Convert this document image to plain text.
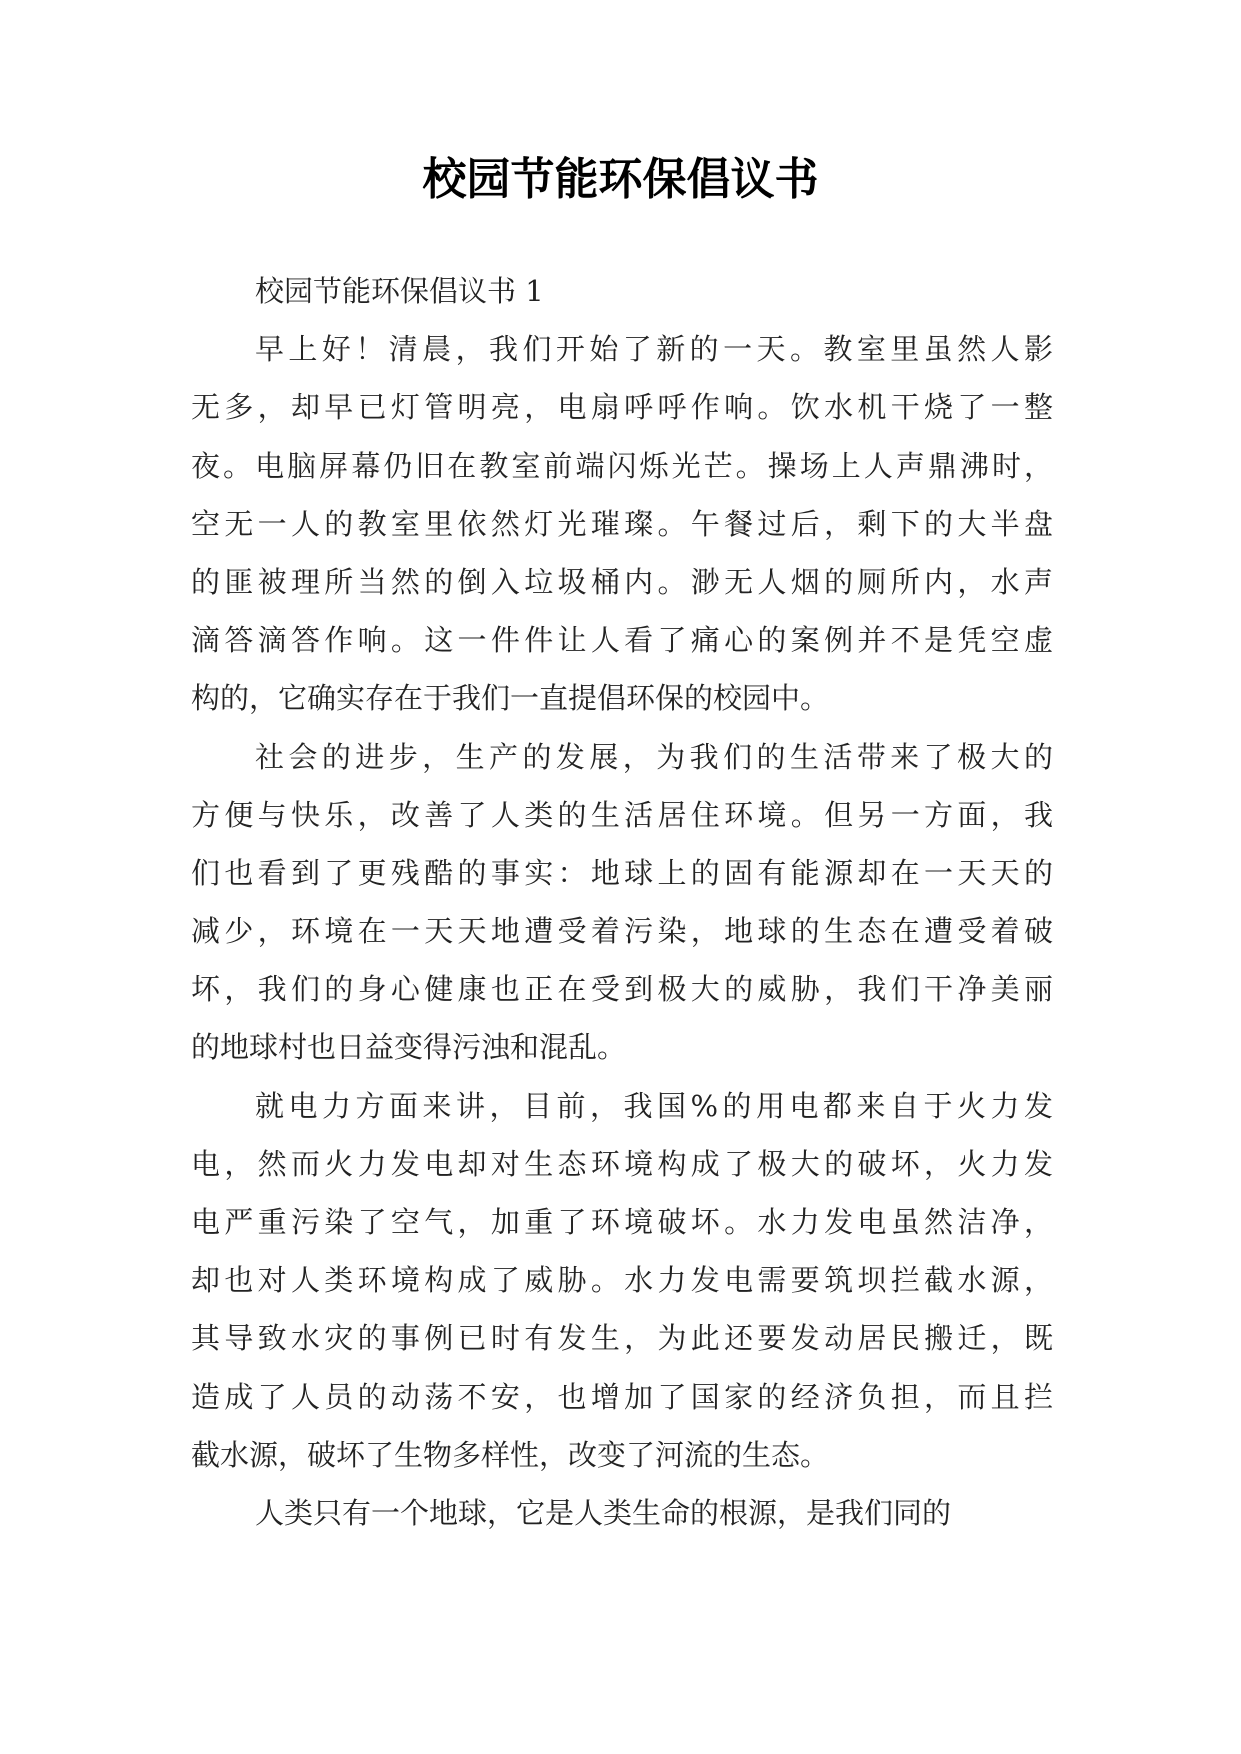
校园节能环保倡议书
校园节能环保倡议书 1
早上好！清晨，我们开始了新的一天。教室里虽然人影
无多，却早已灯管明亮，电扇呼呼作响。饮水机干烧了一整
夜。电脑屏幕仍旧在教室前端闪烁光芒。操场上人声鼎沸时，
空无一人的教室里依然灯光璀璨。午餐过后，剩下的大半盘
的匪被理所当然的倒入垃圾桶内。渺无人烟的厕所内，水声
滴答滴答作响。这一件件让人看了痛心的案例并不是凭空虚
构的，它确实存在于我们一直提倡环保的校园中。
社会的进步，生产的发展，为我们的生活带来了极大的
方便与快乐，改善了人类的生活居住环境。但另一方面，我
们也看到了更残酷的事实：地球上的固有能源却在一天天的
减少，环境在一天天地遭受着污染，地球的生态在遭受着破
坏，我们的身心健康也正在受到极大的威胁，我们干净美丽
的地球村也日益变得污浊和混乱。
就电力方面来讲，目前，我国%的用电都来自于火力发
电，然而火力发电却对生态环境构成了极大的破坏，火力发
电严重污染了空气，加重了环境破坏。水力发电虽然洁净，
却也对人类环境构成了威胁。水力发电需要筑坝拦截水源，
其导致水灾的事例已时有发生，为此还要发动居民搬迁，既
造成了人员的动荡不安，也增加了国家的经济负担，而且拦
截水源，破坏了生物多样性，改变了河流的生态。
人类只有一个地球，它是人类生命的根源，是我们同的
